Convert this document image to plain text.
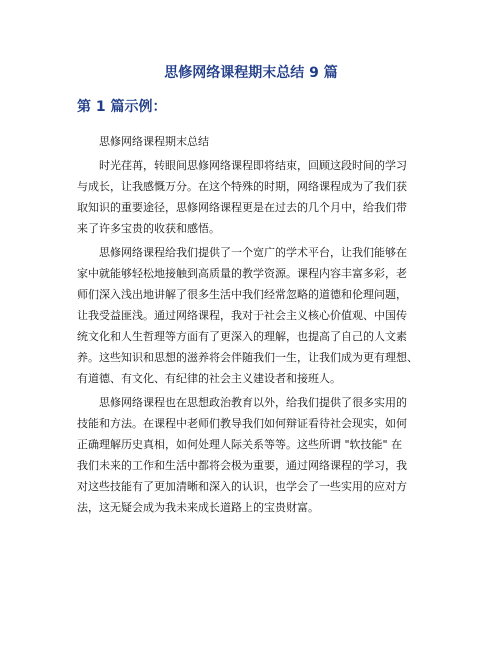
思修网络课程期末总结 9 篇
第 1 篇示例：

思修网络课程期末总结

时光荏苒，转眼间思修网络课程即将结束，回顾这段时间的学习
与成长，让我感慨万分。在这个特殊的时期，网络课程成为了我们获
取知识的重要途径，思修网络课程更是在过去的几个月中，给我们带
来了许多宝贵的收获和感悟。

思修网络课程给我们提供了一个宽广的学术平台，让我们能够在
家中就能够轻松地接触到高质量的教学资源。课程内容丰富多彩，老
师们深入浅出地讲解了很多生活中我们经常忽略的道德和伦理问题，
让我受益匪浅。通过网络课程，我对于社会主义核心价值观、中国传
统文化和人生哲理等方面有了更深入的理解，也提高了自己的人文素
养。这些知识和思想的滋养将会伴随我们一生，让我们成为更有理想、
有道德、有文化、有纪律的社会主义建设者和接班人。

思修网络课程也在思想政治教育以外，给我们提供了很多实用的
技能和方法。在课程中老师们教导我们如何辩证看待社会现实，如何
正确理解历史真相，如何处理人际关系等等。这些所谓 "软技能" 在
我们未来的工作和生活中都将会极为重要，通过网络课程的学习，我
对这些技能有了更加清晰和深入的认识，也学会了一些实用的应对方
法，这无疑会成为我未来成长道路上的宝贵财富。
